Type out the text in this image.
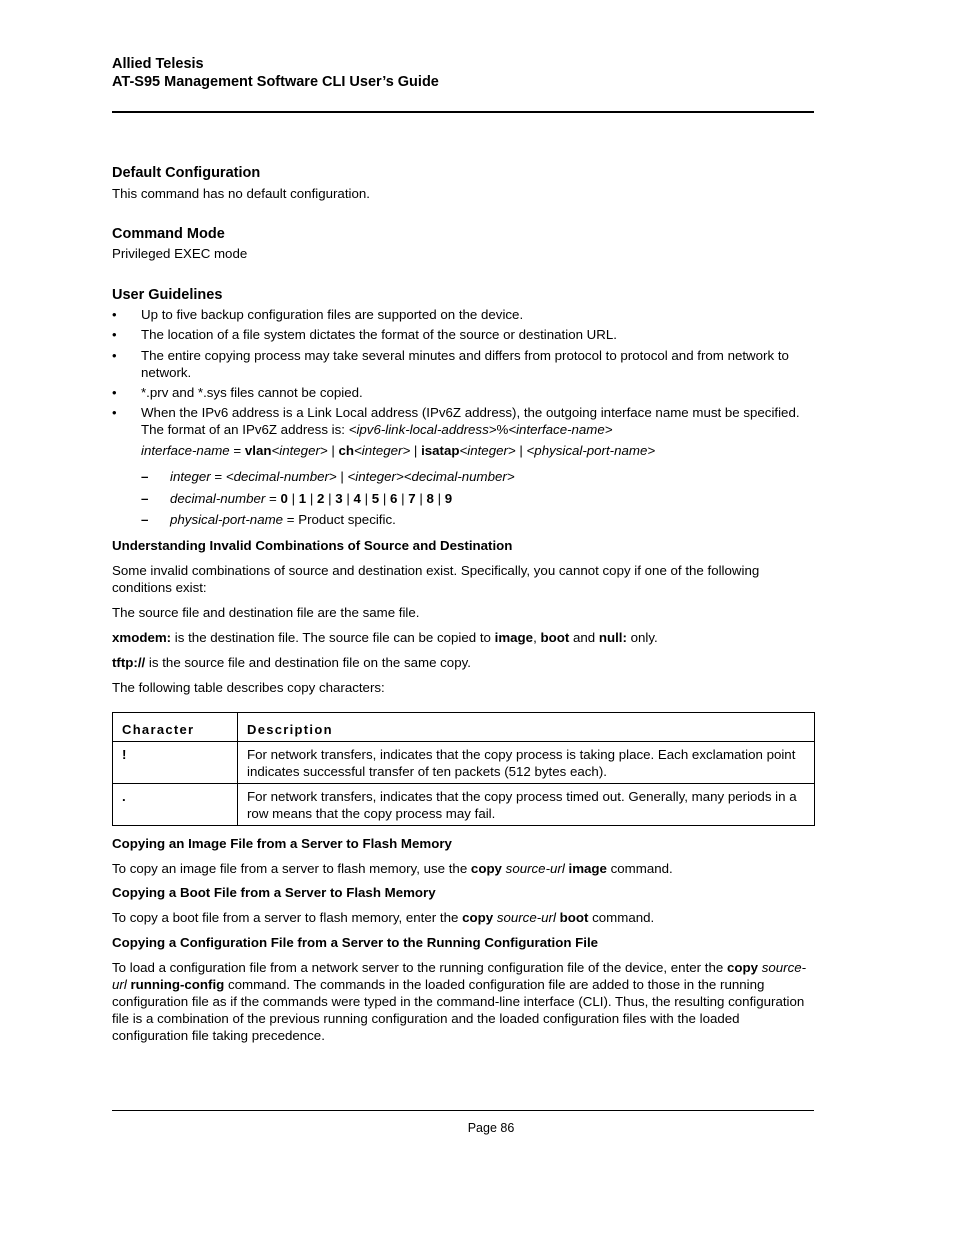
Allied Telesis
AT-S95 Management Software CLI User’s Guide
Default Configuration
This command has no default configuration.
Command Mode
Privileged EXEC mode
User Guidelines
•	Up to five backup configuration files are supported on the device.
•	The location of a file system dictates the format of the source or destination URL.
•	The entire copying process may take several minutes and differs from protocol to protocol and from network to network.
•	*.prv and *.sys files cannot be copied.
•	When the IPv6 address is a Link Local address (IPv6Z address), the outgoing interface name must be specified. The format of an IPv6Z address is: <ipv6-link-local-address>%<interface-name>
interface-name = vlan<integer> | ch<integer> | isatap<integer> | <physical-port-name>
– integer = <decimal-number> | <integer><decimal-number>
– decimal-number = 0 | 1 | 2 | 3 | 4 | 5 | 6 | 7 | 8 | 9
– physical-port-name = Product specific.
Understanding Invalid Combinations of Source and Destination
Some invalid combinations of source and destination exist. Specifically, you cannot copy if one of the following conditions exist:
The source file and destination file are the same file.
xmodem: is the destination file. The source file can be copied to image, boot and null: only.
tftp:// is the source file and destination file on the same copy.
The following table describes copy characters:
Character	Description
!	For network transfers, indicates that the copy process is taking place. Each exclamation point indicates successful transfer of ten packets (512 bytes each).
.	For network transfers, indicates that the copy process timed out. Generally, many periods in a row means that the copy process may fail.
Copying an Image File from a Server to Flash Memory
To copy an image file from a server to flash memory, use the copy source-url image command.
Copying a Boot File from a Server to Flash Memory
To copy a boot file from a server to flash memory, enter the copy source-url boot command.
Copying a Configuration File from a Server to the Running Configuration File
To load a configuration file from a network server to the running configuration file of the device, enter the copy source-url running-config command. The commands in the loaded configuration file are added to those in the running configuration file as if the commands were typed in the command-line interface (CLI). Thus, the resulting configuration file is a combination of the previous running configuration and the loaded configuration files with the loaded configuration file taking precedence.
Page 86
